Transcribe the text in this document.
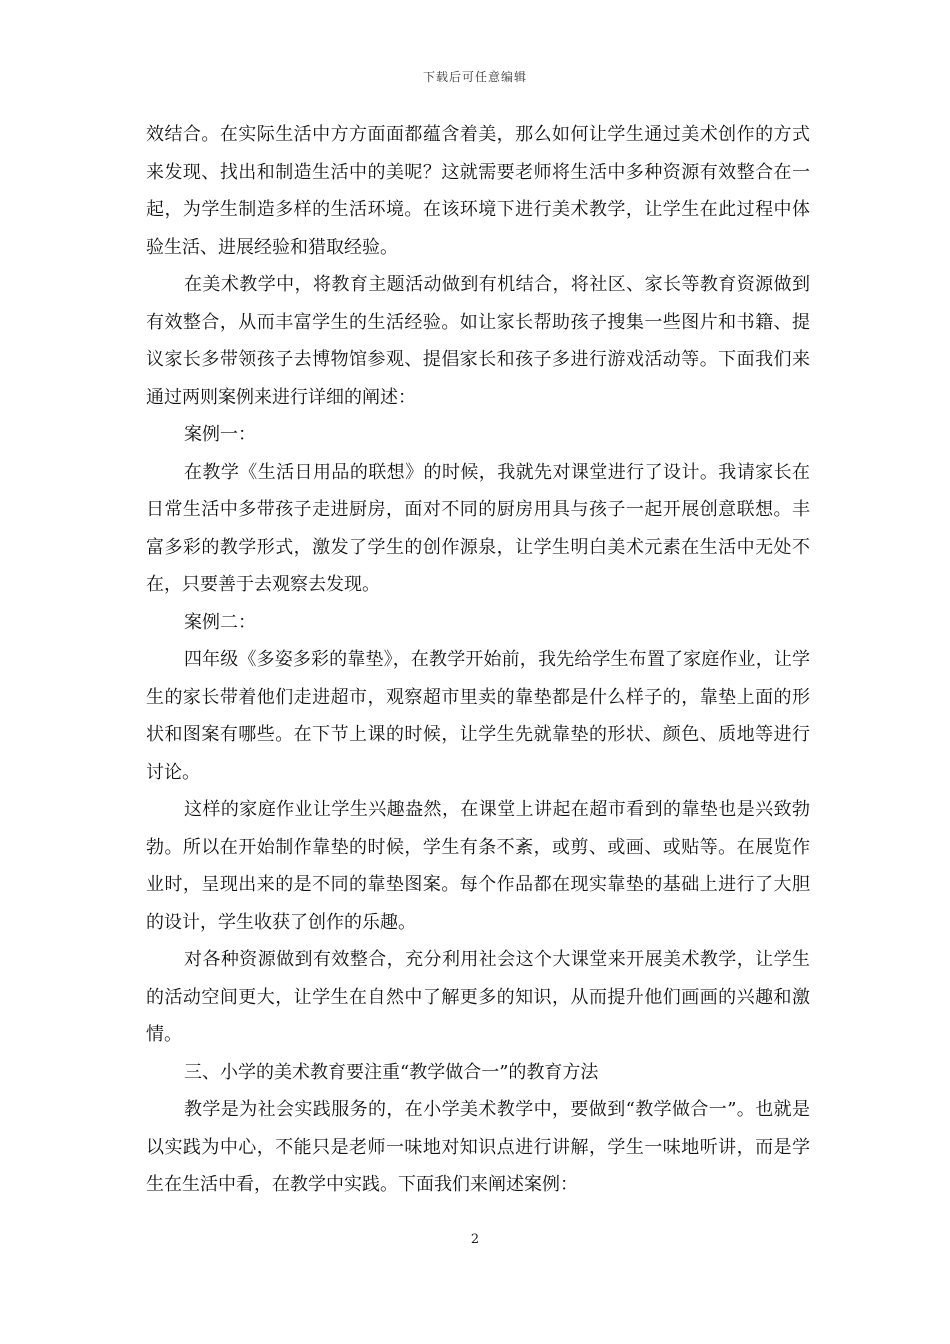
下载后可任意编辑

效结合。在实际生活中方方面面都蕴含着美，那么如何让学生通过美术创作的方式来发现、找出和制造生活中的美呢？这就需要老师将生活中多种资源有效整合在一起，为学生制造多样的生活环境。在该环境下进行美术教学，让学生在此过程中体验生活、进展经验和猎取经验。

在美术教学中，将教育主题活动做到有机结合，将社区、家长等教育资源做到有效整合，从而丰富学生的生活经验。如让家长帮助孩子搜集一些图片和书籍、提议家长多带领孩子去博物馆参观、提倡家长和孩子多进行游戏活动等。下面我们来通过两则案例来进行详细的阐述：

案例一：

在教学《生活日用品的联想》的时候，我就先对课堂进行了设计。我请家长在日常生活中多带孩子走进厨房，面对不同的厨房用具与孩子一起开展创意联想。丰富多彩的教学形式，激发了学生的创作源泉，让学生明白美术元素在生活中无处不在，只要善于去观察去发现。

案例二：

四年级《多姿多彩的靠垫》，在教学开始前，我先给学生布置了家庭作业，让学生的家长带着他们走进超市，观察超市里卖的靠垫都是什么样子的，靠垫上面的形状和图案有哪些。在下节上课的时候，让学生先就靠垫的形状、颜色、质地等进行讨论。

这样的家庭作业让学生兴趣盎然，在课堂上讲起在超市看到的靠垫也是兴致勃勃。所以在开始制作靠垫的时候，学生有条不紊，或剪、或画、或贴等。在展览作业时，呈现出来的是不同的靠垫图案。每个作品都在现实靠垫的基础上进行了大胆的设计，学生收获了创作的乐趣。

对各种资源做到有效整合，充分利用社会这个大课堂来开展美术教学，让学生的活动空间更大，让学生在自然中了解更多的知识，从而提升他们画画的兴趣和激情。

三、小学的美术教育要注重“教学做合一”的教育方法

教学是为社会实践服务的，在小学美术教学中，要做到“教学做合一”。也就是以实践为中心，不能只是老师一味地对知识点进行讲解，学生一味地听讲，而是学生在生活中看，在教学中实践。下面我们来阐述案例：

2
